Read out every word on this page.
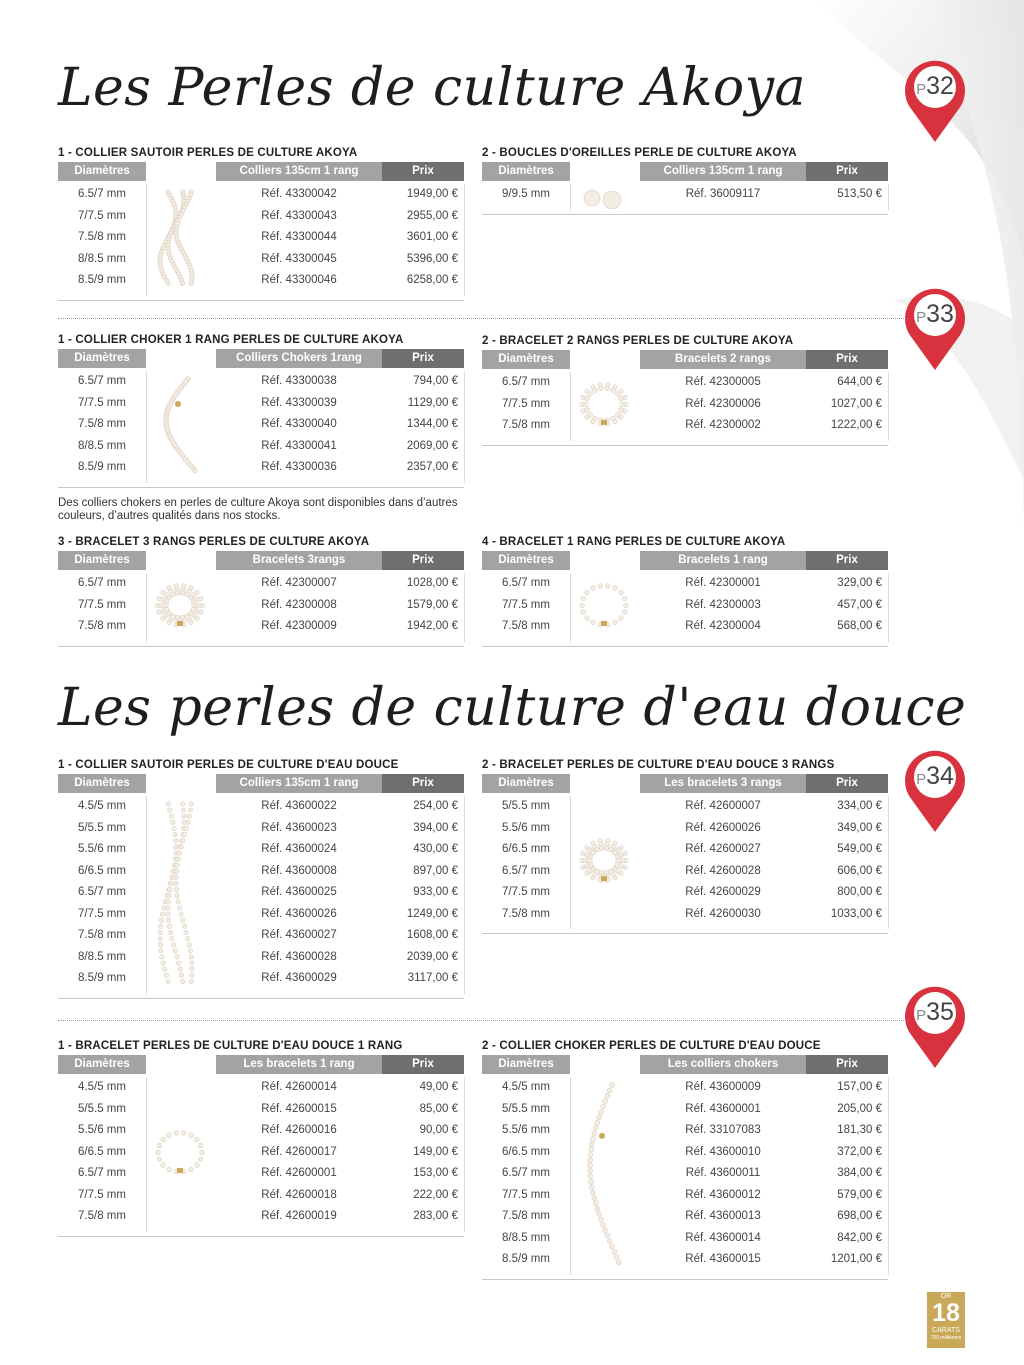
Les Perles de culture Akoya
Les perles de culture d'eau douce
P32
P33
P34
P35
Des colliers chokers en perles de culture Akoya sont disponibles dans d’autres couleurs, d’autres qualités dans nos stocks.
1 - COLLIER SAUTOIR PERLES DE CULTURE AKOYA
Diamètres	Colliers 135cm 1 rang	Prix
6.5/7 mm	Réf. 43300042	1949,00 €
7/7.5 mm	Réf. 43300043	2955,00 €
7.5/8 mm	Réf. 43300044	3601,00 €
8/8.5 mm	Réf. 43300045	5396,00 €
8.5/9 mm	Réf. 43300046	6258,00 €
2 - BOUCLES D'OREILLES PERLE DE CULTURE AKOYA
Diamètres	Colliers 135cm 1 rang	Prix
9/9.5 mm	Réf. 36009117	513,50 €
1 - COLLIER CHOKER 1 RANG PERLES DE CULTURE AKOYA
Diamètres	Colliers Chokers 1rang	Prix
6.5/7 mm	Réf. 43300038	794,00 €
7/7.5 mm	Réf. 43300039	1129,00 €
7.5/8 mm	Réf. 43300040	1344,00 €
8/8.5 mm	Réf. 43300041	2069,00 €
8.5/9 mm	Réf. 43300036	2357,00 €
2 - BRACELET 2 RANGS PERLES DE CULTURE AKOYA
Diamètres	Bracelets 2 rangs	Prix
6.5/7 mm	Réf. 42300005	644,00 €
7/7.5 mm	Réf. 42300006	1027,00 €
7.5/8 mm	Réf. 42300002	1222,00 €
3 - BRACELET 3 RANGS PERLES DE CULTURE AKOYA
Diamètres	Bracelets 3rangs	Prix
6.5/7 mm	Réf. 42300007	1028,00 €
7/7.5 mm	Réf. 42300008	1579,00 €
7.5/8 mm	Réf. 42300009	1942,00 €
4 - BRACELET 1 RANG PERLES DE CULTURE AKOYA
Diamètres	Bracelets 1 rang	Prix
6.5/7 mm	Réf. 42300001	329,00 €
7/7.5 mm	Réf. 42300003	457,00 €
7.5/8 mm	Réf. 42300004	568,00 €
1 - COLLIER SAUTOIR PERLES DE CULTURE D'EAU DOUCE
Diamètres	Colliers 135cm 1 rang	Prix
4.5/5 mm	Réf. 43600022	254,00 €
5/5.5 mm	Réf. 43600023	394,00 €
5.5/6 mm	Réf. 43600024	430,00 €
6/6.5 mm	Réf. 43600008	897,00 €
6.5/7 mm	Réf. 43600025	933,00 €
7/7.5 mm	Réf. 43600026	1249,00 €
7.5/8 mm	Réf. 43600027	1608,00 €
8/8.5 mm	Réf. 43600028	2039,00 €
8.5/9 mm	Réf. 43600029	3117,00 €
2 - BRACELET PERLES DE CULTURE D'EAU DOUCE 3 RANGS
Diamètres	Les bracelets 3 rangs	Prix
5/5.5 mm	Réf. 42600007	334,00 €
5.5/6 mm	Réf. 42600026	349,00 €
6/6.5 mm	Réf. 42600027	549,00 €
6.5/7 mm	Réf. 42600028	606,00 €
7/7.5 mm	Réf. 42600029	800,00 €
7.5/8 mm	Réf. 42600030	1033,00 €
1 - BRACELET PERLES DE CULTURE D'EAU DOUCE 1 RANG
Diamètres	Les bracelets 1 rang	Prix
4.5/5 mm	Réf. 42600014	49,00 €
5/5.5 mm	Réf. 42600015	85,00 €
5.5/6 mm	Réf. 42600016	90,00 €
6/6.5 mm	Réf. 42600017	149,00 €
6.5/7 mm	Réf. 42600001	153,00 €
7/7.5 mm	Réf. 42600018	222,00 €
7.5/8 mm	Réf. 42600019	283,00 €
2 - COLLIER CHOKER PERLES DE CULTURE D'EAU DOUCE
Diamètres	Les colliers chokers	Prix
4.5/5 mm	Réf. 43600009	157,00 €
5/5.5 mm	Réf. 43600001	205,00 €
5.5/6 mm	Réf. 33107083	181,30 €
6/6.5 mm	Réf. 43600010	372,00 €
6.5/7 mm	Réf. 43600011	384,00 €
7/7.5 mm	Réf. 43600012	579,00 €
7.5/8 mm	Réf. 43600013	698,00 €
8/8.5 mm	Réf. 43600014	842,00 €
8.5/9 mm	Réf. 43600015	1201,00 €
OR
18
CARATS
750 millièmes
